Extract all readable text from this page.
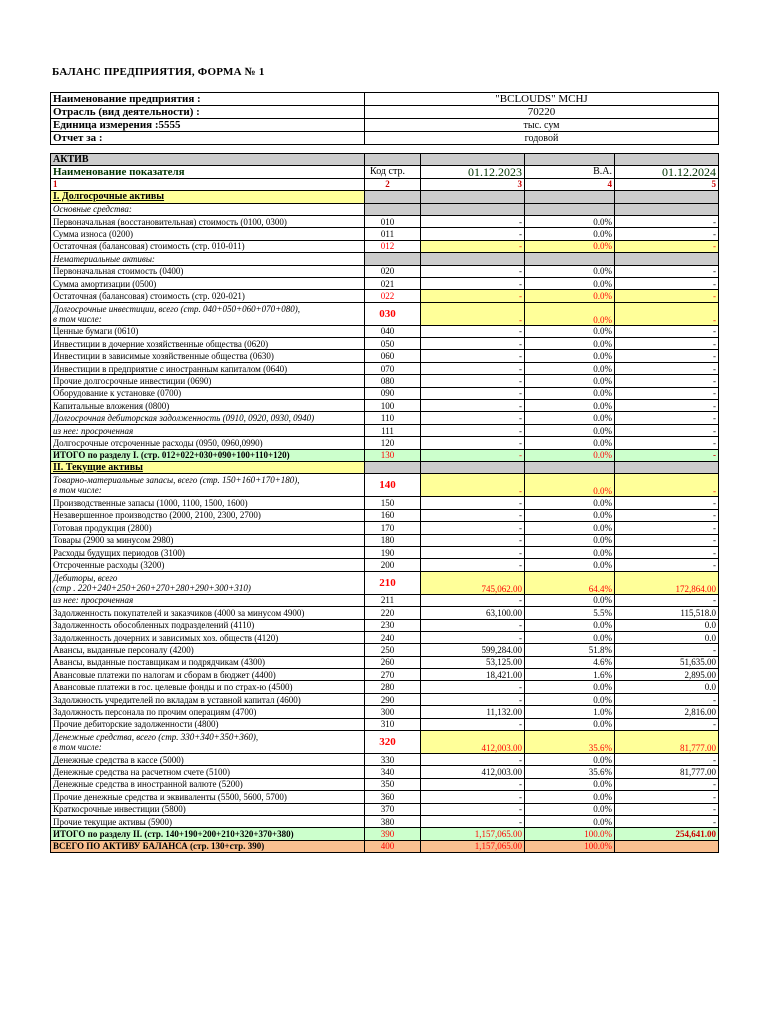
БАЛАНС ПРЕДПРИЯТИЯ, ФОРМА № 1
Наименование предприятия :	"BCLOUDS" MCHJ
Отрасль (вид деятельности) :	70220
Единица измерения :5555	тыс. сум
Отчет за :	годовой
АКТИВ				
Наименование показателя	Код стр.	01.12.2023	В.А.	01.12.2024
1	2	3	4	5
I. Долгосрочные активы				
Основные средства:				
Первоначальная (восстановительная) стоимость (0100, 0300)	010	-	0.0%	-
Сумма износа (0200)	011	-	0.0%	-
Остаточная (балансовая) стоимость (стр. 010-011)	012	-	0.0%	-
Нематериальные активы:				
Первоначальная стоимость (0400)	020	-	0.0%	-
Сумма амортизации (0500)	021	-	0.0%	-
Остаточная (балансовая) стоимость (стр. 020-021)	022	-	0.0%	-
Долгосрочные инвестиции, всего (стр. 040+050+060+070+080),
в том числе:	030	-	0.0%	-
Ценные бумаги (0610)	040	-	0.0%	-
Инвестиции в дочерние хозяйственные общества (0620)	050	-	0.0%	-
Инвестиции в зависимые хозяйственные общества (0630)	060	-	0.0%	-
Инвестиции в предприятие с иностранным капиталом (0640)	070	-	0.0%	-
Прочие долгосрочные инвестиции (0690)	080	-	0.0%	-
Оборудование к установке (0700)	090	-	0.0%	-
Капитальные вложения (0800)	100	-	0.0%	-
Долгосрочная дебиторская задолженность (0910, 0920, 0930, 0940)	110	-	0.0%	-
из нее: просроченная	111	-	0.0%	-
Долгосрочные отсроченные расходы (0950, 0960,0990)	120	-	0.0%	-
ИТОГО по разделу I. (стр. 012+022+030+090+100+110+120)	130	-	0.0%	-
II. Текущие активы				
Товарно-материальные запасы, всего (стр. 150+160+170+180),
в том числе:	140	-	0.0%	-
Производственные запасы (1000, 1100, 1500, 1600)	150	-	0.0%	-
Незавершенное производство (2000, 2100, 2300, 2700)	160	-	0.0%	-
Готовая продукция (2800)	170	-	0.0%	-
Товары (2900 за минусом 2980)	180	-	0.0%	-
Расходы будущих периодов (3100)	190	-	0.0%	-
Отсроченные расходы (3200)	200	-	0.0%	-
Дебиторы, всего
(стр . 220+240+250+260+270+280+290+300+310)	210	745,062.00	64.4%	172,864.00
из нее: просроченная	211	-	0.0%	-
Задолженность покупателей и заказчиков (4000 за минусом 4900)	220	63,100.00	5.5%	115,518.0
Задолженность обособленных подразделений (4110)	230	-	0.0%	0.0
Задолженность дочерних и зависимых хоз. обществ (4120)	240	-	0.0%	0.0
Авансы, выданные персоналу (4200)	250	599,284.00	51.8%	-
Авансы, выданные поставщикам и подрядчикам (4300)	260	53,125.00	4.6%	51,635.00
Авансовые платежи по налогам и сборам в бюджет (4400)	270	18,421.00	1.6%	2,895.00
Авансовые платежи в гос. целевые фонды и по страх-ю (4500)	280	-	0.0%	0.0
Задолжность учредителей по вкладам в уставной капитал (4600)	290	-	0.0%	-
Задолжность персонала по прочим операциям (4700)	300	11,132.00	1.0%	2,816.00
Прочие дебиторские задолженности (4800)	310	-	0.0%	-
Денежные средства, всего (стр. 330+340+350+360),
в том числе:	320	412,003.00	35.6%	81,777.00
Денежные средства в кассе (5000)	330	-	0.0%	-
Денежные средства на расчетном счете (5100)	340	412,003.00	35.6%	81,777.00
Денежные средства в иностранной валюте (5200)	350	-	0.0%	-
Прочие денежные средства и эквиваленты (5500, 5600, 5700)	360	-	0.0%	-
Краткосрочные инвестиции (5800)	370	-	0.0%	-
Прочие текущие активы (5900)	380	-	0.0%	-
ИТОГО по разделу II. (стр. 140+190+200+210+320+370+380)	390	1,157,065.00	100.0%	254,641.00
ВСЕГО ПО АКТИВУ БАЛАНСА (стр. 130+стр. 390)	400	1,157,065.00	100.0%	
